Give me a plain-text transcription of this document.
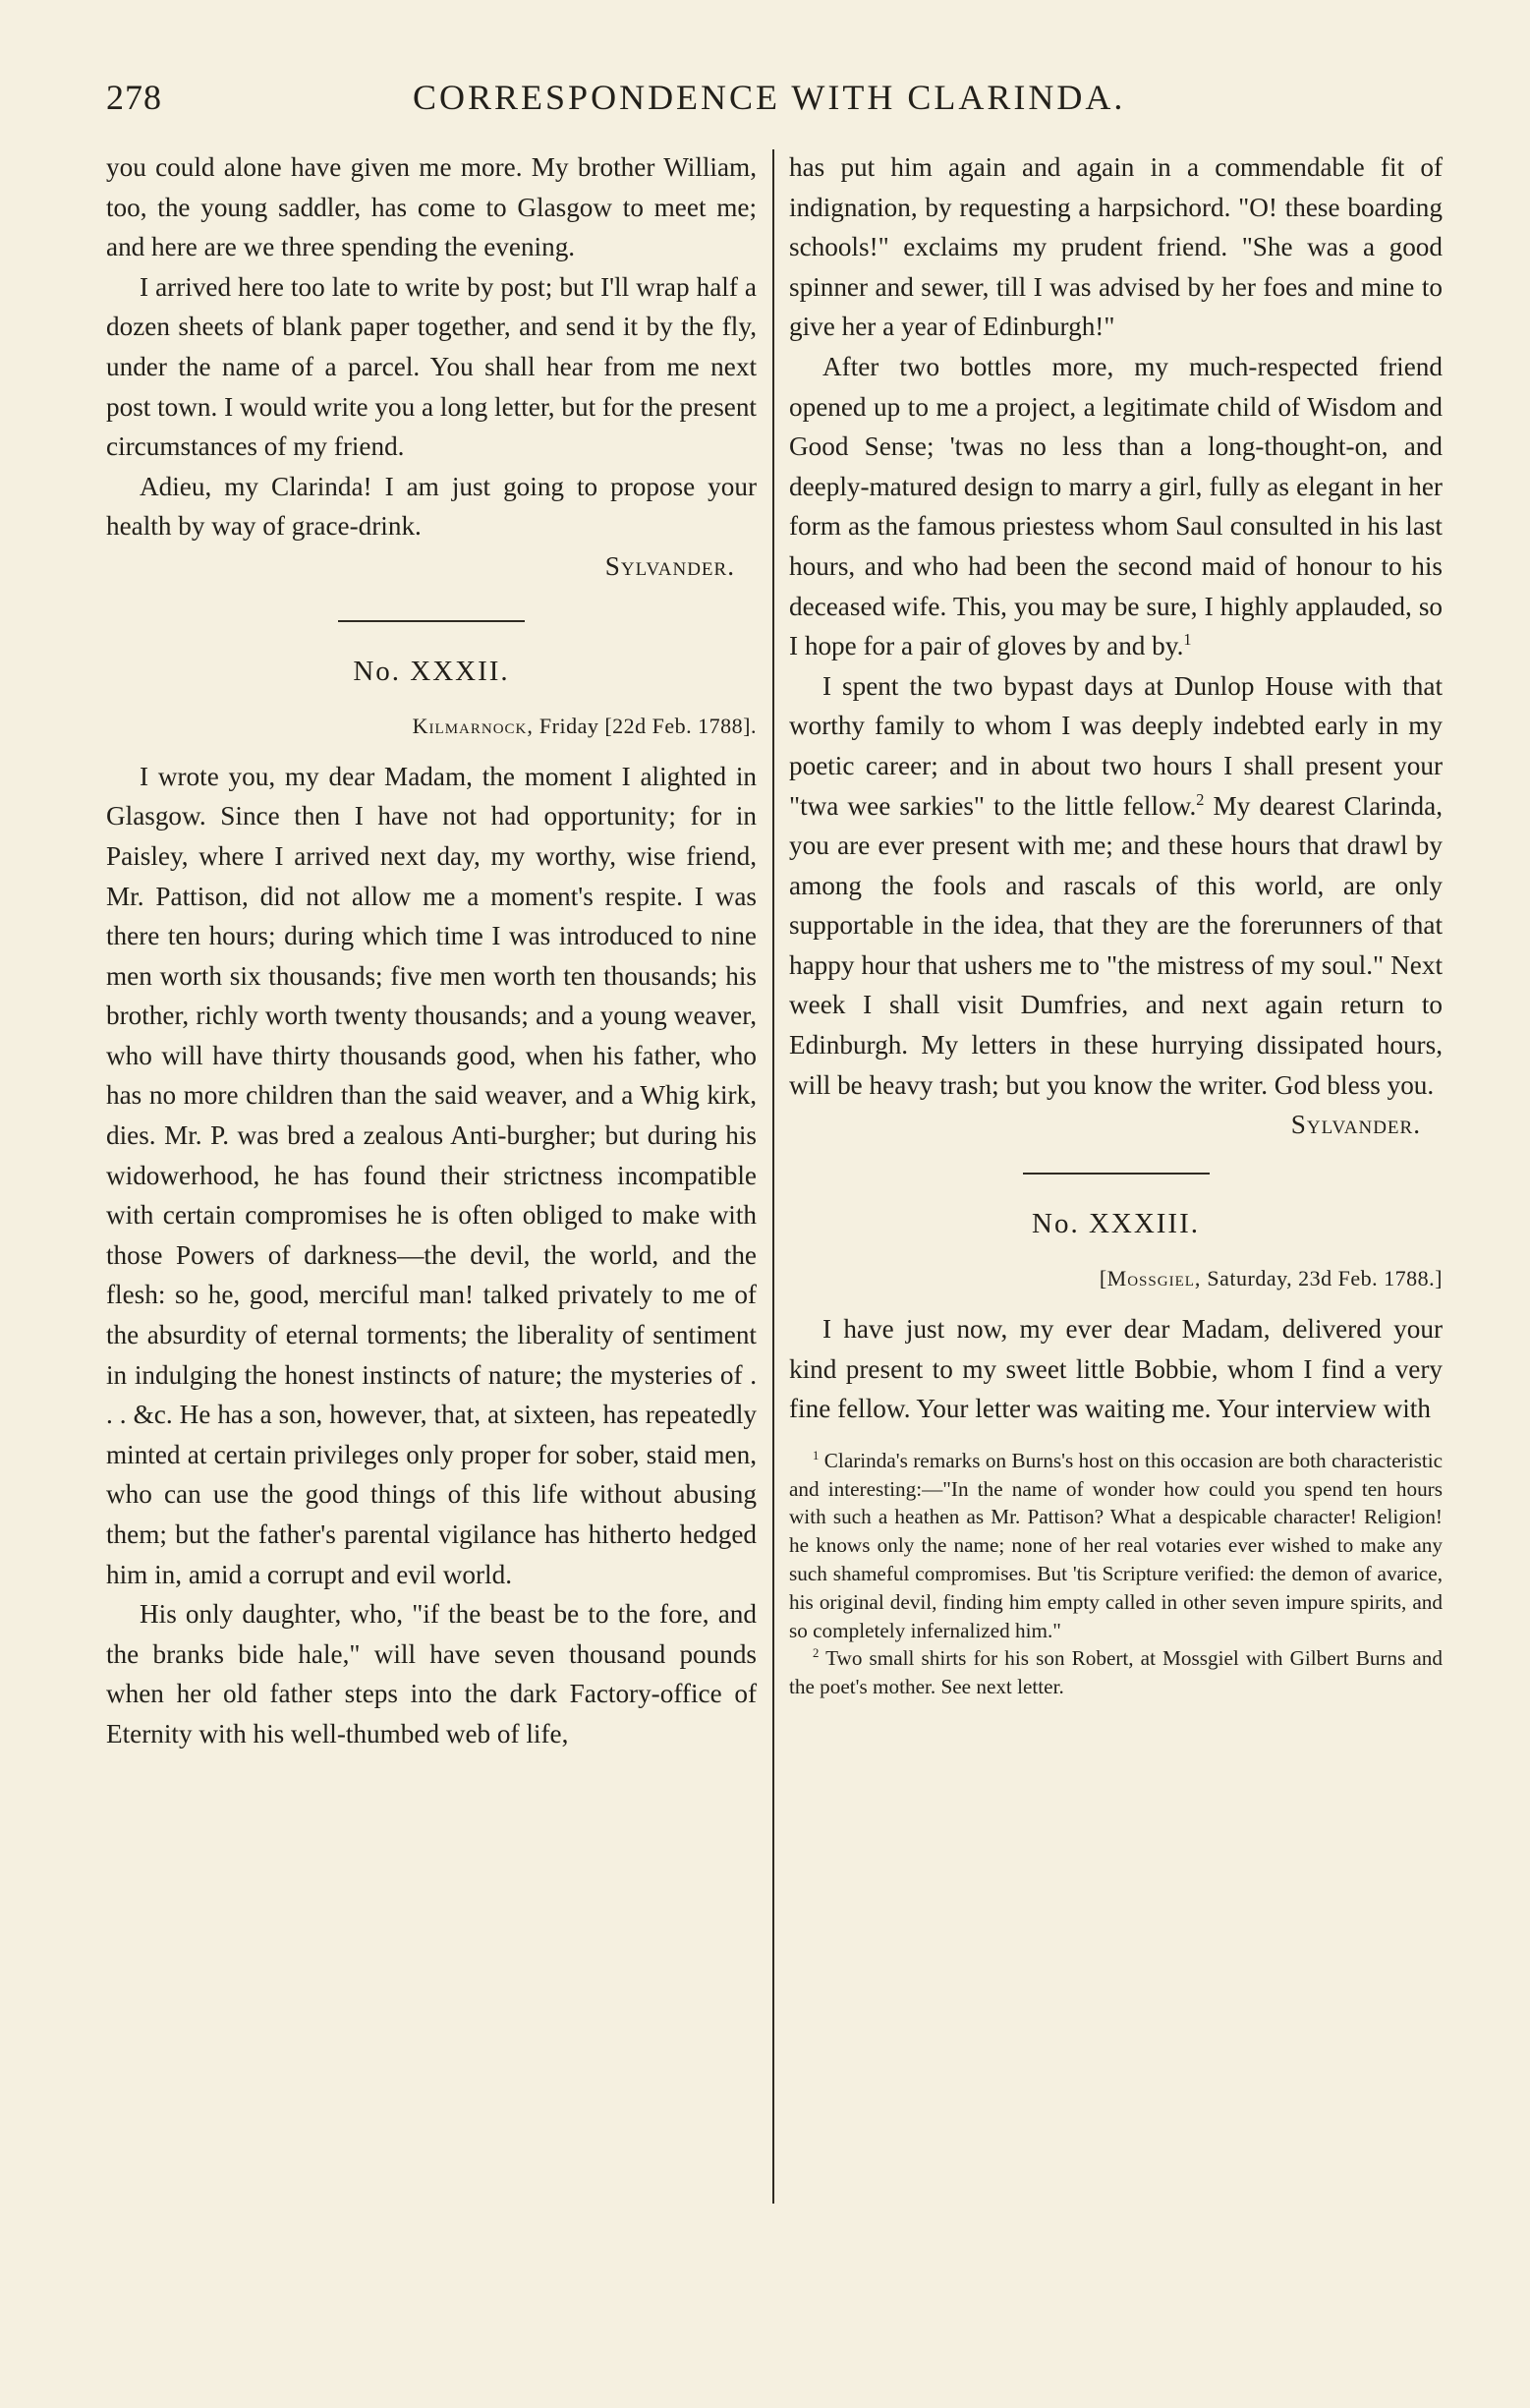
278	CORRESPONDENCE WITH CLARINDA.

you could alone have given me more. My brother William, too, the young saddler, has come to Glasgow to meet me; and here are we three spending the evening.

I arrived here too late to write by post; but I'll wrap half a dozen sheets of blank paper together, and send it by the fly, under the name of a parcel. You shall hear from me next post town. I would write you a long letter, but for the present circumstances of my friend.

Adieu, my Clarinda! I am just going to propose your health by way of grace-drink.

Sylvander.
No. XXXII.
Kilmarnock, Friday [22d Feb. 1788].

I wrote you, my dear Madam, the moment I alighted in Glasgow. Since then I have not had opportunity; for in Paisley, where I arrived next day, my worthy, wise friend, Mr. Pattison, did not allow me a moment's respite. I was there ten hours; during which time I was introduced to nine men worth six thousands; five men worth ten thousands; his brother, richly worth twenty thousands; and a young weaver, who will have thirty thousands good, when his father, who has no more children than the said weaver, and a Whig kirk, dies. Mr. P. was bred a zealous Anti-burgher; but during his widowerhood, he has found their strictness incompatible with certain compromises he is often obliged to make with those Powers of darkness—the devil, the world, and the flesh: so he, good, merciful man! talked privately to me of the absurdity of eternal torments; the liberality of sentiment in indulging the honest instincts of nature; the mysteries of . . . &c. He has a son, however, that, at sixteen, has repeatedly minted at certain privileges only proper for sober, staid men, who can use the good things of this life without abusing them; but the father's parental vigilance has hitherto hedged him in, amid a corrupt and evil world.

His only daughter, who, "if the beast be to the fore, and the branks bide hale," will have seven thousand pounds when her old father steps into the dark Factory-office of Eternity with his well-thumbed web of life,

has put him again and again in a commendable fit of indignation, by requesting a harpsichord. "O! these boarding schools!" exclaims my prudent friend. "She was a good spinner and sewer, till I was advised by her foes and mine to give her a year of Edinburgh!"

After two bottles more, my much-respected friend opened up to me a project, a legitimate child of Wisdom and Good Sense; 'twas no less than a long-thought-on, and deeply-matured design to marry a girl, fully as elegant in her form as the famous priestess whom Saul consulted in his last hours, and who had been the second maid of honour to his deceased wife. This, you may be sure, I highly applauded, so I hope for a pair of gloves by and by.$^1$

I spent the two bypast days at Dunlop House with that worthy family to whom I was deeply indebted early in my poetic career; and in about two hours I shall present your "twa wee sarkies" to the little fellow.$^2$ My dearest Clarinda, you are ever present with me; and these hours that drawl by among the fools and rascals of this world, are only supportable in the idea, that they are the forerunners of that happy hour that ushers me to "the mistress of my soul." Next week I shall visit Dumfries, and next again return to Edinburgh. My letters in these hurrying dissipated hours, will be heavy trash; but you know the writer. God bless you.

Sylvander.
No. XXXIII.
[Mossgiel, Saturday, 23d Feb. 1788.]

I have just now, my ever dear Madam, delivered your kind present to my sweet little Bobbie, whom I find a very fine fellow. Your letter was waiting me. Your interview with

$^1$ Clarinda's remarks on Burns's host on this occasion are both characteristic and interesting:—"In the name of wonder how could you spend ten hours with such a heathen as Mr. Pattison? What a despicable character! Religion! he knows only the name; none of her real votaries ever wished to make any such shameful compromises. But 'tis Scripture verified: the demon of avarice, his original devil, finding him empty called in other seven impure spirits, and so completely infernalized him."

$^2$ Two small shirts for his son Robert, at Mossgiel with Gilbert Burns and the poet's mother. See next letter.
